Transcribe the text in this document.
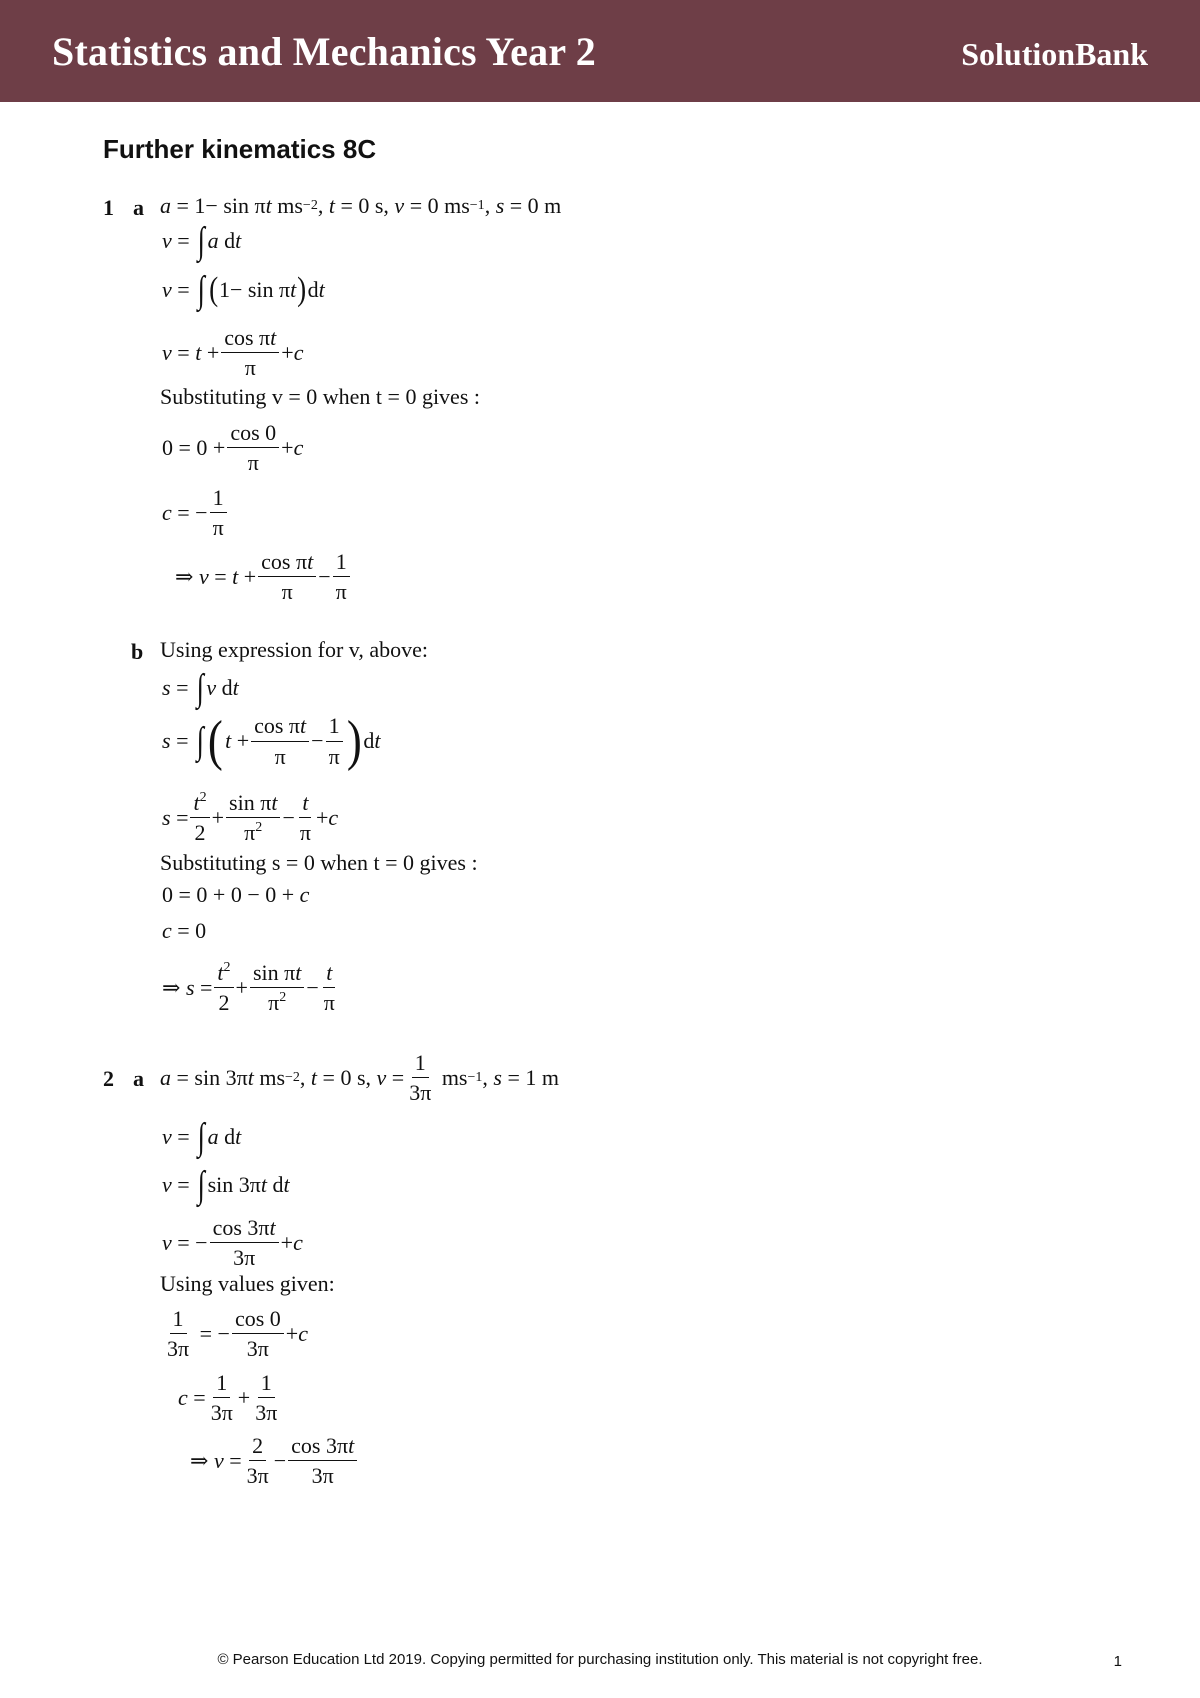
Statistics and Mechanics Year 2	SolutionBank
Further kinematics 8C
1 a a = 1− sin π t ms −2 , t = 0 s, v = 0 ms −1 , s = 0 m
v = ∫ a d t
v = ∫ ( 1− sin π t ) d t
$v = t + \frac{\text{cos πt}}{\pi} + c$
Substituting v = 0 when t = 0 gives :
$0 = 0 + \frac{\cos 0}{\pi} + c$
c = − $\frac{1}{\pi}$
⇒ $v = t + \frac{\text{cos πt}}{\pi} - \frac{1}{\pi}$
b Using expression for v, above:
s = ∫ v d t
s = ∫ ( $t + \frac{\text{cos πt}}{\pi} - \frac{1}{\pi}$ ) d t
$s = \frac{t^2}{2} + \frac{\text{sin πt}}{\pi^2} - \frac{t}{\pi} + c$
Substituting s = 0 when t = 0 gives :
0 = 0 + 0 − 0 + c
c = 0
⇒ $s = \frac{t^2}{2} + \frac{\text{sin πt}}{\pi^2} - \frac{t}{\pi}$
2 a a = sin 3π t ms −2 , t = 0 s, $v = \frac{1}{3\pi}$ ms −1 , s = 1 m
v = ∫ a d t
v = ∫ sin 3π t d t
v = − $\frac{\cos 3\pi t}{3\pi} + c$
Using values given:
$\frac{1}{3\pi}$ = − $\frac{\cos 0}{3\pi} + c$
$c = \frac{1}{3\pi} + \frac{1}{3\pi}$
⇒ $v = \frac{2}{3\pi} - \frac{\cos 3\pi t}{3\pi}$
© Pearson Education Ltd 2019. Copying permitted for purchasing institution only. This material is not copyright free.	1
